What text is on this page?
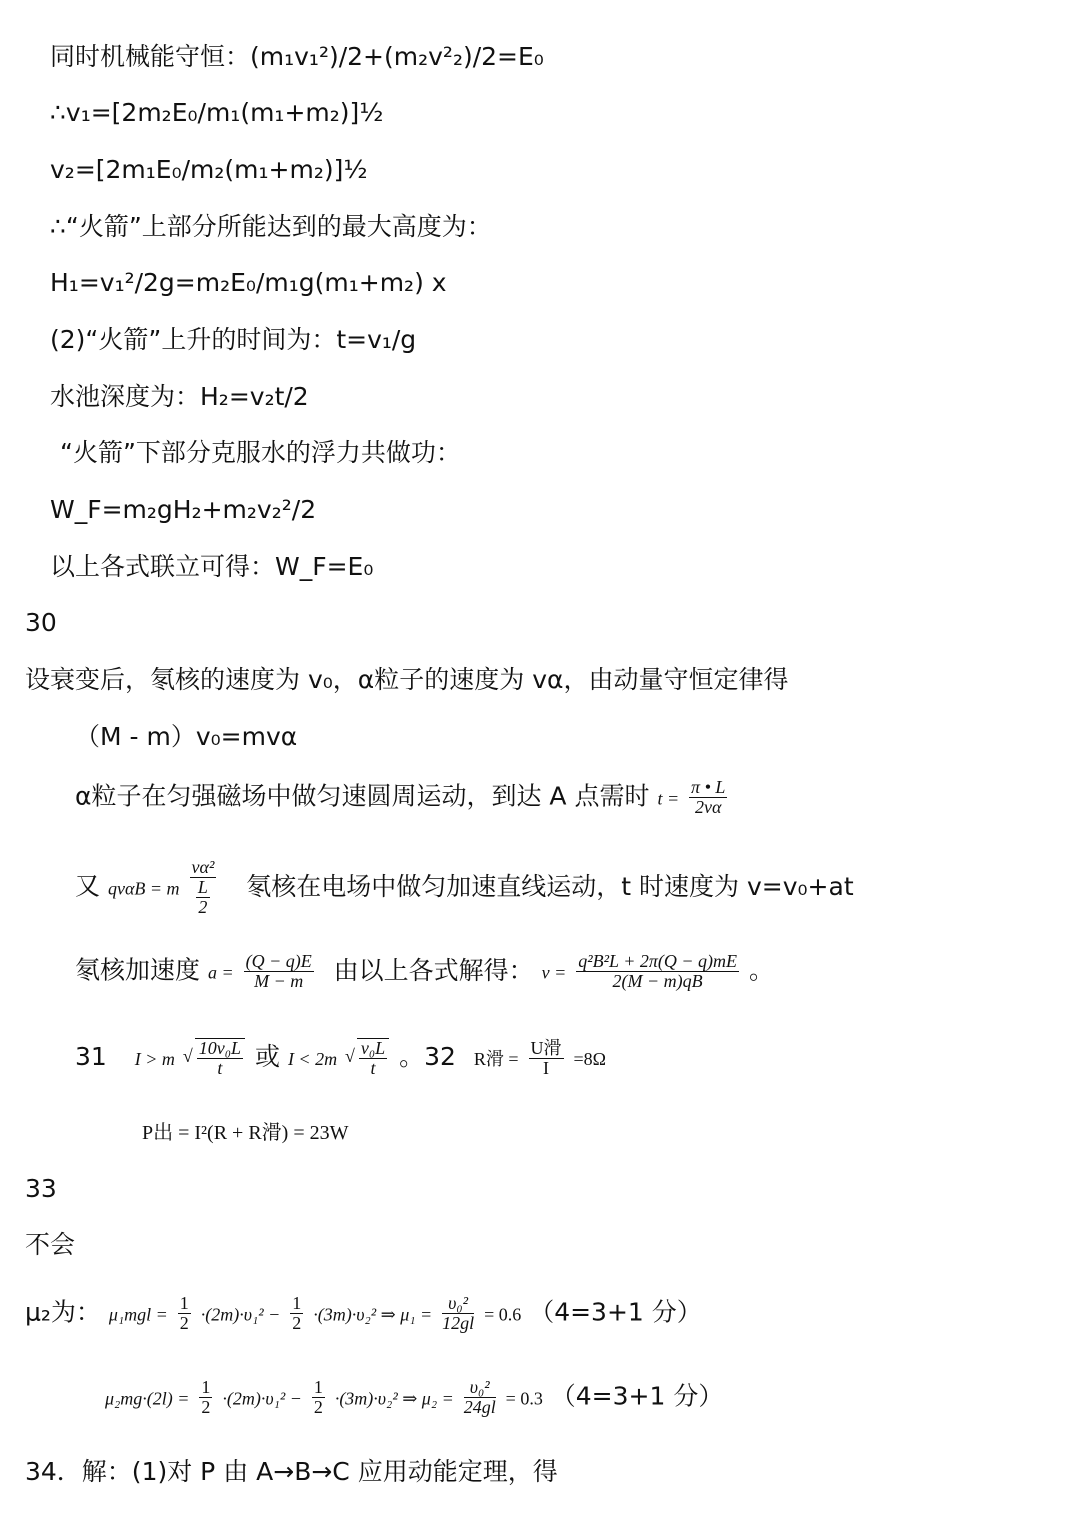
同时机械能守恒：(m₁v₁²)/2+(m₂v²₂)/2=E₀
∴v₁=[2m₂E₀/m₁(m₁+m₂)]½
v₂=[2m₁E₀/m₂(m₁+m₂)]½
∴“火箭”上部分所能达到的最大高度为：
H₁=v₁²/2g=m₂E₀/m₁g(m₁+m₂) x
(2)“火箭”上升的时间为：t=v₁/g
水池深度为：H₂=v₂t/2
“火箭”下部分克服水的浮力共做功：
W_F=m₂gH₂+m₂v₂²/2
以上各式联立可得：W_F=E₀
30
设衰变后，氡核的速度为 v₀，α粒子的速度为 vα，由动量守恒定律得
（M - m）v₀=mvα
α粒子在匀强磁场中做匀速圆周运动，到达 A 点需时 $t = \frac{\pi • L}{2v\alpha}$
又 qvαB = m $\frac{\text{vα²}}{\frac{L}{2}}$ 氡核在电场中做匀加速直线运动，t 时速度为 v=v₀+at
氡核加速度 $a = \frac{(Q - q)E}{M - m}$ 由以上各式解得： $v = \frac{\text{q²B²L + 2π(Q − q)mE}}{2(M - m)qB}$ 。
31 I > m √ $\frac{\text{10v₀L}}{t}$ 或 I < 2m √ $\frac{\text{v₀L}}{t}$ 。32 R滑 = $\frac{\text{U滑}}{I} =8\Omega$
P出 = I²(R + R滑) = 23W
33
不会
μ₂为： $\mu_1mgl = \frac{1}{2} \cdot(2m)\cdot\upsilon_1^2 - \frac{1}{2} \cdot(3m)\cdot\upsilon_2^2$ ⇒ $\mu_1 = \frac{\text{υ₀²}}{12gl} = 0.6$ （4=3+1 分）
$\mu_2mg\cdot(2l) = \frac{1}{2} \cdot(2m)\cdot\upsilon_1^2 - \frac{1}{2} \cdot(3m)\cdot\upsilon_2^2$ ⇒ $\mu_2 = \frac{\text{υ₀²}}{24gl} = 0.3$ （4=3+1 分）
34．解：(1)对 P 由 A→B→C 应用动能定理，得
